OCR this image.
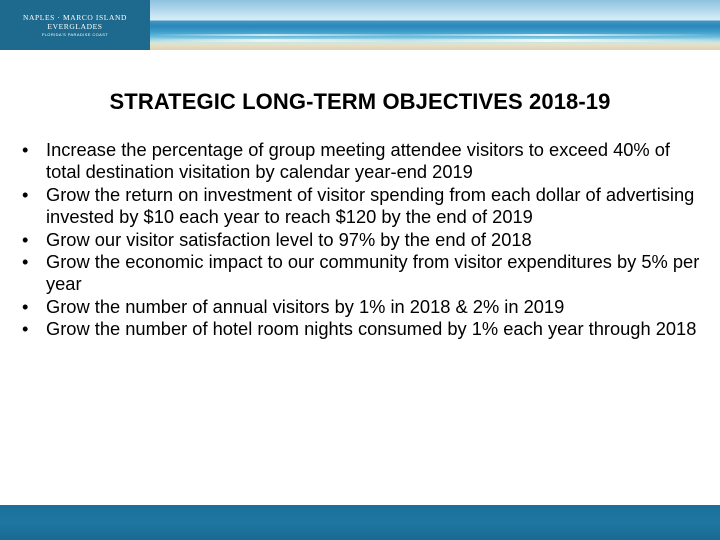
NAPLES · MARCO ISLAND
EVERGLADES
FLORIDA'S PARADISE COAST
STRATEGIC LONG-TERM OBJECTIVES 2018-19
• Increase the percentage of group meeting attendee visitors to exceed 40% of total destination visitation by calendar year-end 2019
• Grow the return on investment of visitor spending from each dollar of advertising invested by $10 each year to reach $120 by the end of 2019
• Grow our visitor satisfaction level to 97% by the end of 2018
• Grow the economic impact to our community from visitor expenditures by 5% per year
• Grow the number of annual visitors by 1% in 2018 & 2% in 2019
• Grow the number of hotel room nights consumed by 1% each year through 2018
